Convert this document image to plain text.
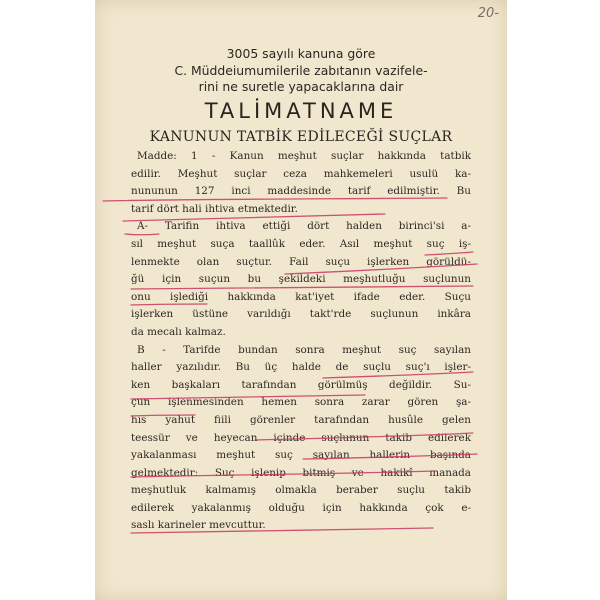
20-
3005 sayılı kanuna göre
C. Müddeiumumilerile zabıtanın vazifele-
rini ne suretle yapacaklarına dair
TALİMATNAME
KANUNUN TATBİK EDİLECEĞİ SUÇLAR
Madde: 1 - Kanun meşhut suçlar hakkında tatbik
edilir. Meşhut suçlar ceza mahkemeleri usulü ka-
nununun 127 inci maddesinde tarif edilmiştir. Bu
tarif dört hali ihtiva etmektedir.
A- Tarifin ihtiva ettiği dört halden birinci'si a-
sıl meşhut suça taallûk eder. Asıl meşhut suç iş-
lenmekte olan suçtur. Fail suçu işlerken görüldü-
ğü için suçun bu şekildeki meşhutluğu suçlunun
onu işlediği hakkında kat'iyet ifade eder. Suçu
işlerken üstüne varıldığı takt'rde suçlunun inkâra
da mecalı kalmaz.
B - Tarifde bundan sonra meşhut suç sayılan
haller yazılıdır. Bu üç halde de suçlu suç'ı işler-
ken başkaları tarafından görülmüş değildir. Su-
çun işlenmesinden hemen sonra zarar gören şa-
hıs yahut fiili görenler tarafından husûle gelen
teessür ve heyecan içinde suçlunun takib edilerek
yakalanması meşhut suç sayılan hallerin başında
gelmektedir: Suç işlenip bitmiş ve hakikî manada
meşhutluk kalmamış olmakla beraber suçlu takib
edilerek yakalanmış olduğu için hakkında çok e-
saslı karineler mevcuttur.
